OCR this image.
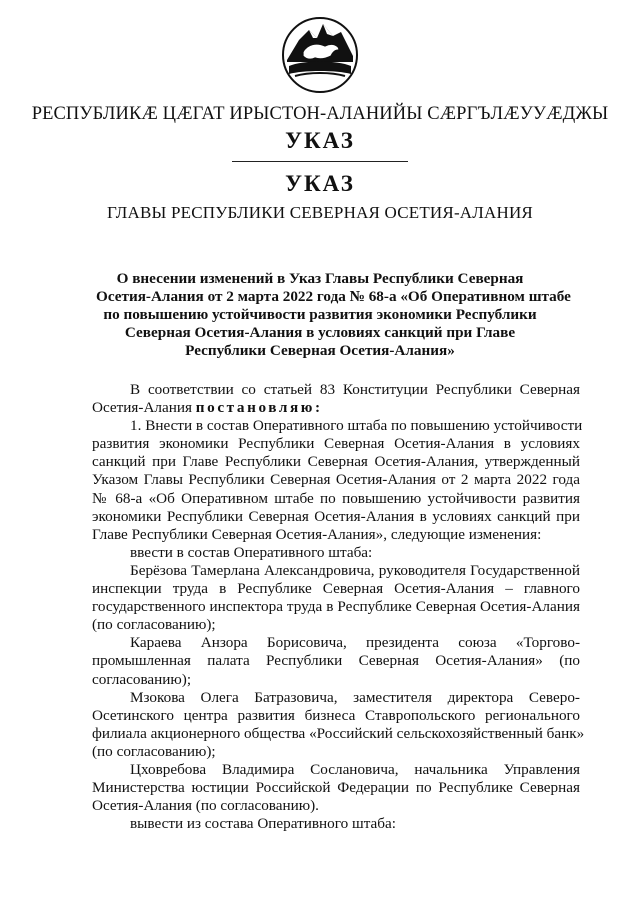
РЕСПУБЛИКӔ ЦӔГАТ ИРЫСТОН-АЛАНИЙЫ СӔРГЪЛӔУУӔДЖЫ
УКАЗ
УКАЗ
ГЛАВЫ РЕСПУБЛИКИ СЕВЕРНАЯ ОСЕТИЯ-АЛАНИЯ
О внесении изменений в Указ Главы Республики Северная
Осетия-Алания от 2 марта 2022 года № 68-а «Об Оперативном штабе
по повышению устойчивости развития экономики Республики
Северная Осетия-Алания в условиях санкций при Главе
Республики Северная Осетия-Алания»
В соответствии со статьей 83 Конституции Республики Северная
Осетия-Алания постановляю:
1. Внести в состав Оперативного штаба по повышению устойчивости
развития экономики Республики Северная Осетия-Алания в условиях
санкций при Главе Республики Северная Осетия-Алания, утвержденный
Указом Главы Республики Северная Осетия-Алания от 2 марта 2022 года
№ 68-а «Об Оперативном штабе по повышению устойчивости развития
экономики Республики Северная Осетия-Алания в условиях санкций при
Главе Республики Северная Осетия-Алания», следующие изменения:
ввести в состав Оперативного штаба:
Берёзова Тамерлана Александровича, руководителя Государственной
инспекции труда в Республике Северная Осетия-Алания – главного
государственного инспектора труда в Республике Северная Осетия-Алания
(по согласованию);
Караева Анзора Борисовича, президента союза «Торгово-
промышленная палата Республики Северная Осетия-Алания» (по
согласованию);
Мзокова Олега Батразовича, заместителя директора Северо-
Осетинского центра развития бизнеса Ставропольского регионального
филиала акционерного общества «Российский сельскохозяйственный банк»
(по согласованию);
Цховребова Владимира Сослановича, начальника Управления
Министерства юстиции Российской Федерации по Республике Северная
Осетия-Алания (по согласованию).
вывести из состава Оперативного штаба:
